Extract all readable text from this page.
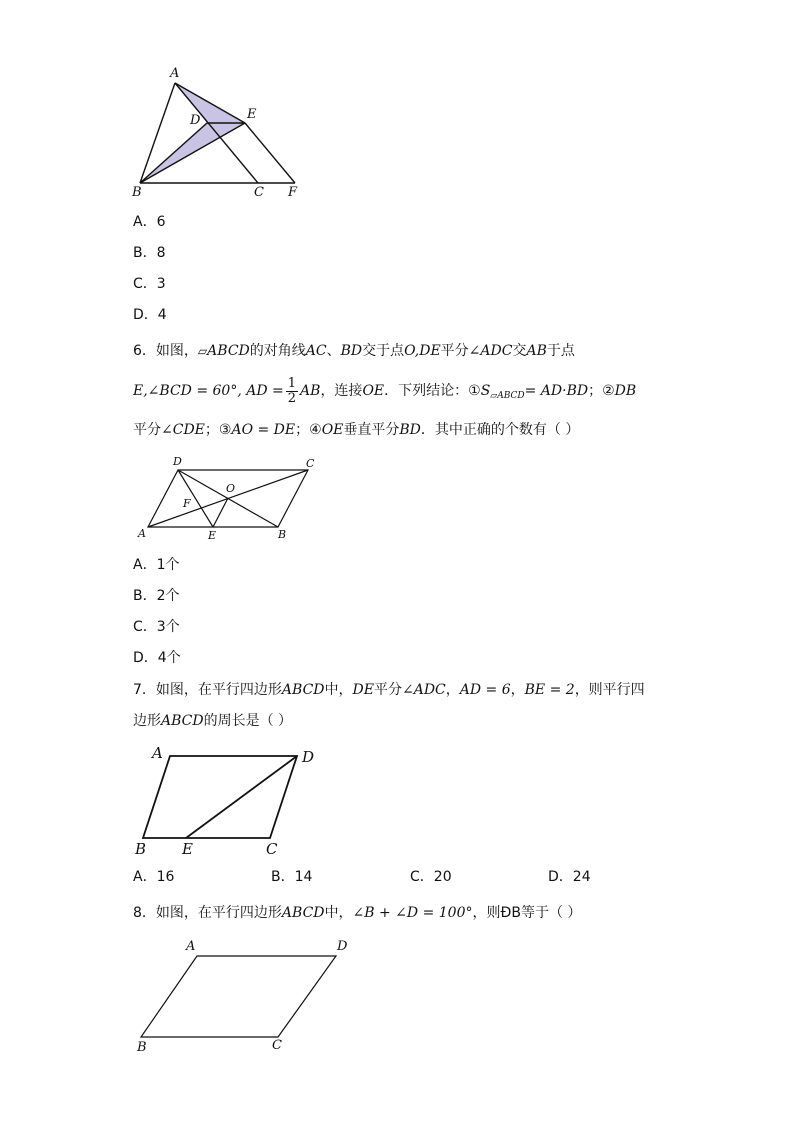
A
D	E
B	C F
A．6
B．8
C．3
D．4
6．如图，▱ABCD的对角线AC、BD交于点O,DE平分∠ADC交AB于点
E,∠BCD = 60°, AD = $\frac{1}{2}$ AB ，连接 OE ．下列结论：① S ▱ABCD = AD·BD ；② DB
平分∠CDE；③AO = DE；④OE垂直平分BD．其中正确的个数有（ ）
D	C
O
F
A	E	B
A．1个
B．2个
C．3个
D．4个
7．如图，在平行四边形ABCD中，DE平分∠ADC，AD = 6，BE = 2，则平行四
边形ABCD的周长是（ ）
A	D
B E	C
A．16	B．14	C．20	D．24
8．如图，在平行四边形ABCD中，∠B + ∠D = 100°，则ÐB等于（ ）
A	D
B	C
